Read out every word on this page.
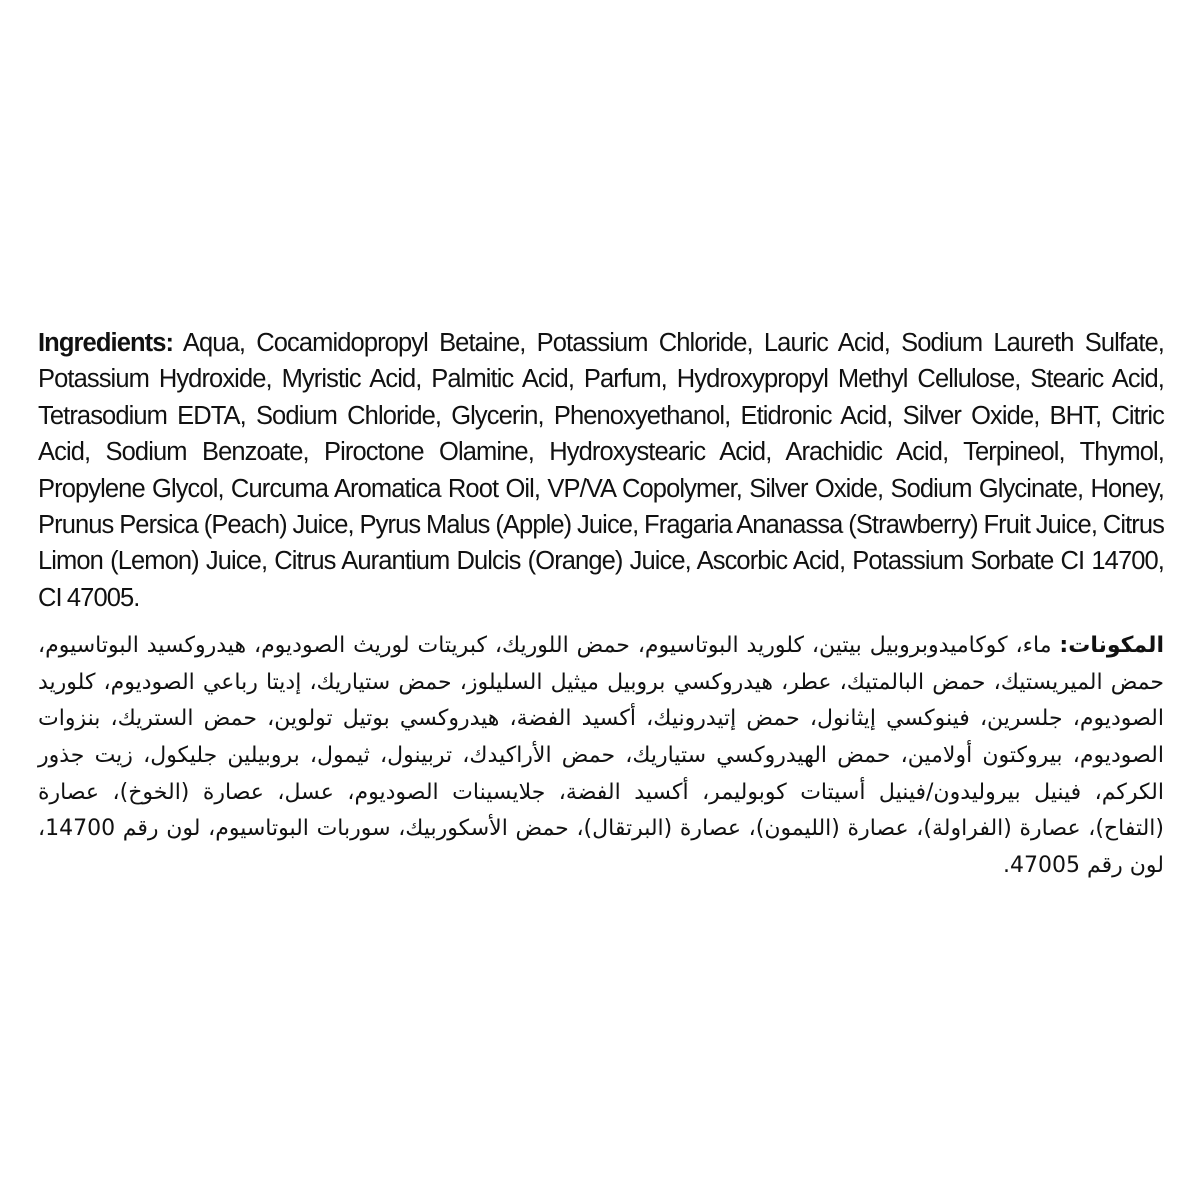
Ingredients: Aqua, Cocamidopropyl Betaine, Potassium Chloride, Lauric Acid, Sodium Laureth Sulfate, Potassium Hydroxide, Myristic Acid, Palmitic Acid, Parfum, Hydroxypropyl Methyl Cellulose, Stearic Acid, Tetrasodium EDTA, Sodium Chloride, Glycerin, Phenoxyethanol, Etidronic Acid, Silver Oxide, BHT, Citric Acid, Sodium Benzoate, Piroctone Olamine, Hydroxystearic Acid, Arachidic Acid, Terpineol, Thymol, Propylene Glycol, Curcuma Aromatica Root Oil, VP/VA Copolymer, Silver Oxide, Sodium Glycinate, Honey, Prunus Persica (Peach) Juice, Pyrus Malus (Apple) Juice, Fragaria Ananassa (Strawberry) Fruit Juice, Citrus Limon (Lemon) Juice, Citrus Aurantium Dulcis (Orange) Juice, Ascorbic Acid, Potassium Sorbate CI 14700, CI 47005.

المكونات: ماء، كوكاميدوبروبيل بيتين، كلوريد البوتاسيوم، حمض اللوريك، كبريتات لوريث الصوديوم، هيدروكسيد البوتاسيوم، حمض الميريستيك، حمض البالمتيك، عطر، هيدروكسي بروبيل ميثيل السليلوز، حمض ستياريك، إديتا رباعي الصوديوم، كلوريد الصوديوم، جلسرين، فينوكسي إيثانول، حمض إتيدرونيك، أكسيد الفضة، هيدروكسي بوتيل تولوين، حمض الستريك، بنزوات الصوديوم، بيروكتون أولامين، حمض الهيدروكسي ستياريك، حمض الأراكيدك، تربينول، ثيمول، بروبيلين جليكول، زيت جذور الكركم، فينيل بيروليدون/فينيل أسيتات كوبوليمر، أكسيد الفضة، جلايسينات الصوديوم، عسل، عصارة (الخوخ)، عصارة (التفاح)، عصارة (الفراولة)، عصارة (الليمون)، عصارة (البرتقال)، حمض الأسكوربيك، سوربات البوتاسيوم، لون رقم 14700، لون رقم 47005.
